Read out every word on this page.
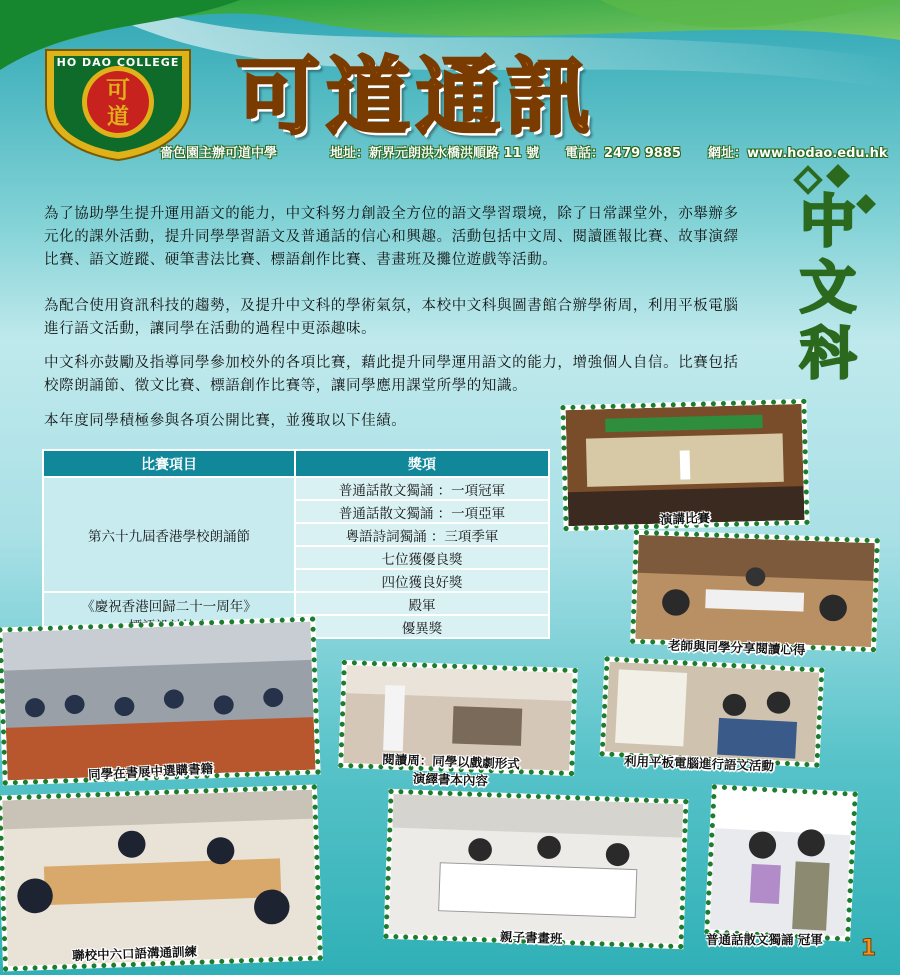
可
道
HO DAO COLLEGE 可道通訊
嗇色園主辦可道中學	地址：新界元朗洪水橋洪順路 11 號 電話：2479 9885 網址：www.hodao.edu.hk
中文科

為了協助學生提升運用語文的能力，中文科努力創設全方位的語文學習環境，除了日常課堂外，亦舉辦多元化的課外活動，提升同學學習語文及普通話的信心和興趣。活動包括中文周、閱讀匯報比賽、故事演繹比賽、語文遊蹤、硬筆書法比賽、標語創作比賽、書畫班及攤位遊戲等活動。

為配合使用資訊科技的趨勢，及提升中文科的學術氣氛，本校中文科與圖書館合辦學術周，利用平板電腦進行語文活動，讓同學在活動的過程中更添趣味。

中文科亦鼓勵及指導同學參加校外的各項比賽，藉此提升同學運用語文的能力，增強個人自信。比賽包括校際朗誦節、徵文比賽、標語創作比賽等，讓同學應用課堂所學的知識。

本年度同學積極參與各項公開比賽，並獲取以下佳績。

比賽項目	獎項
第六十九屆香港學校朗誦節	普通話散文獨誦 ：一項冠軍
	普通話散文獨誦 ：一項亞軍
	粵語詩詞獨誦 ：三項季軍
	七位獲優良獎
	四位獲良好獎

《慶祝香港回歸二十一周年》	殿軍
	優異獎
演講比賽
老師與同學分享閱讀心得
同學在書展中選購書籍	閱讀周：同學以戲劇形式
演繹書本內容
利用平板電腦進行語文活動
聯校中六口語溝通訓練
親子書畫班	普通話散文獨誦 冠軍 1
